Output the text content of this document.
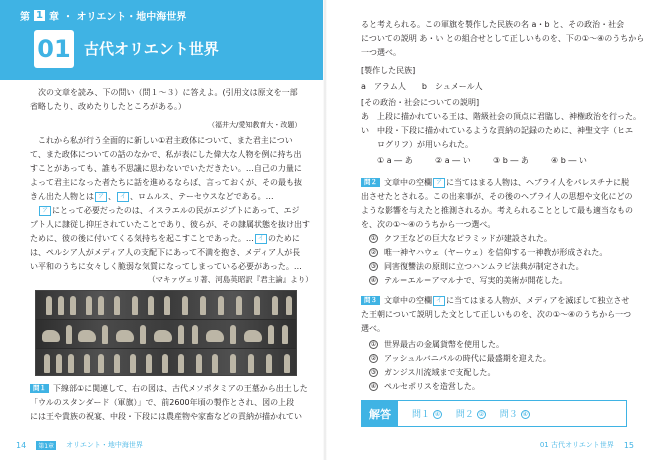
第 1 章 ・ オリエント・地中海世界
01 古代オリエント世界
次の文章を読み、下の問い（問１〜３）に答えよ。(引用文は原文を一部
省略したり、改めたりしたところがある。）
（福井大/愛知教育大・改題）
これから私が行う全面的に新しい①君主政体について、また君主につい
て、また政体についての話のなかで、私が表にした偉大な人物を例に持ち出
すことがあっても、誰も不思議に思わないでいただきたい。…自己の力量に
よって君主になった者たちに話を進めるならば、言っておくが、その最も抜
きん出た人物とは ア 、 イ 、ロムルス、テーセウスなどである。…
ア にとって必要だったのは、イスラエルの民がエジプトにあって、エジ
プト人に隷従し抑圧されていたことであり、彼らが、その隷属状態を抜け出す
ために、彼の後に付いてくる気持ちを起こすことであった。… イ のために
は、ペルシア人がメディア人の支配下にあって不満を抱き、メディア人が長
い平和のうちに女々しく脆弱な気質になってしまっている必要があった。…
（マキァヴェリ著、河島英昭訳『君主論』より）
問１ 下線部①に関連して、右の図は、古代メソポタミアの王墓から出土した
「ウルのスタンダード（軍旗）」で、前2600年頃の製作とされ、図の上段
には王や貴族の祝宴、中段・下段には農産物や家畜などの貢納が描かれてい
14	第1章 オリエント・地中海世界
ると考えられる。この軍旗を製作した民族の名 a・b と、その政治・社会
についての説明 あ・い との組合せとして正しいものを、下の①〜④のうちから
一つ選べ。
[製作した民族]
a　アラム人　　b　シュメール人
[その政治・社会についての説明]
あ　上段に描かれている王は、階級社会の頂点に君臨し、神権政治を行った。
い　中段・下段に描かれているような貢納の記録のために、神聖文字（ヒエ
　　ログリフ）が用いられた。
① a ― あ	② a ― い	③ b ― あ	④ b ― い
問２ 文章中の空欄 ア に当てはまる人物は、ヘブライ人をパレスチナに脱
出させたとされる。この出来事が、その後のヘブライ人の思想や文化にどの
ような影響を与えたと推測されるか。考えられることとして最も適当なもの
を、次の①〜④のうちから一つ選べ。
① クフ王などの巨大なピラミッドが建設された。
② 唯一神ヤハウェ（ヤーウェ）を信仰する一神教が形成された。
③ 同害復讐法の原則に立つハンムラビ法典が制定された。
④ テル＝エル＝アマルナで、写実的美術が開花した。
問３ 文章中の空欄 イ に当てはまる人物が、メディアを滅ぼして独立させ
た王朝について説明した文として正しいものを、次の①〜④のうちから一つ
選べ。
① 世界最古の金属貨幣を使用した。
② アッシュルバニパルの時代に最盛期を迎えた。
③ ガンジス川流域まで支配した。
④ ペルセポリスを造営した。
解答	問１ ④ 問２ ② 問３ ④
01 古代オリエント世界 15
